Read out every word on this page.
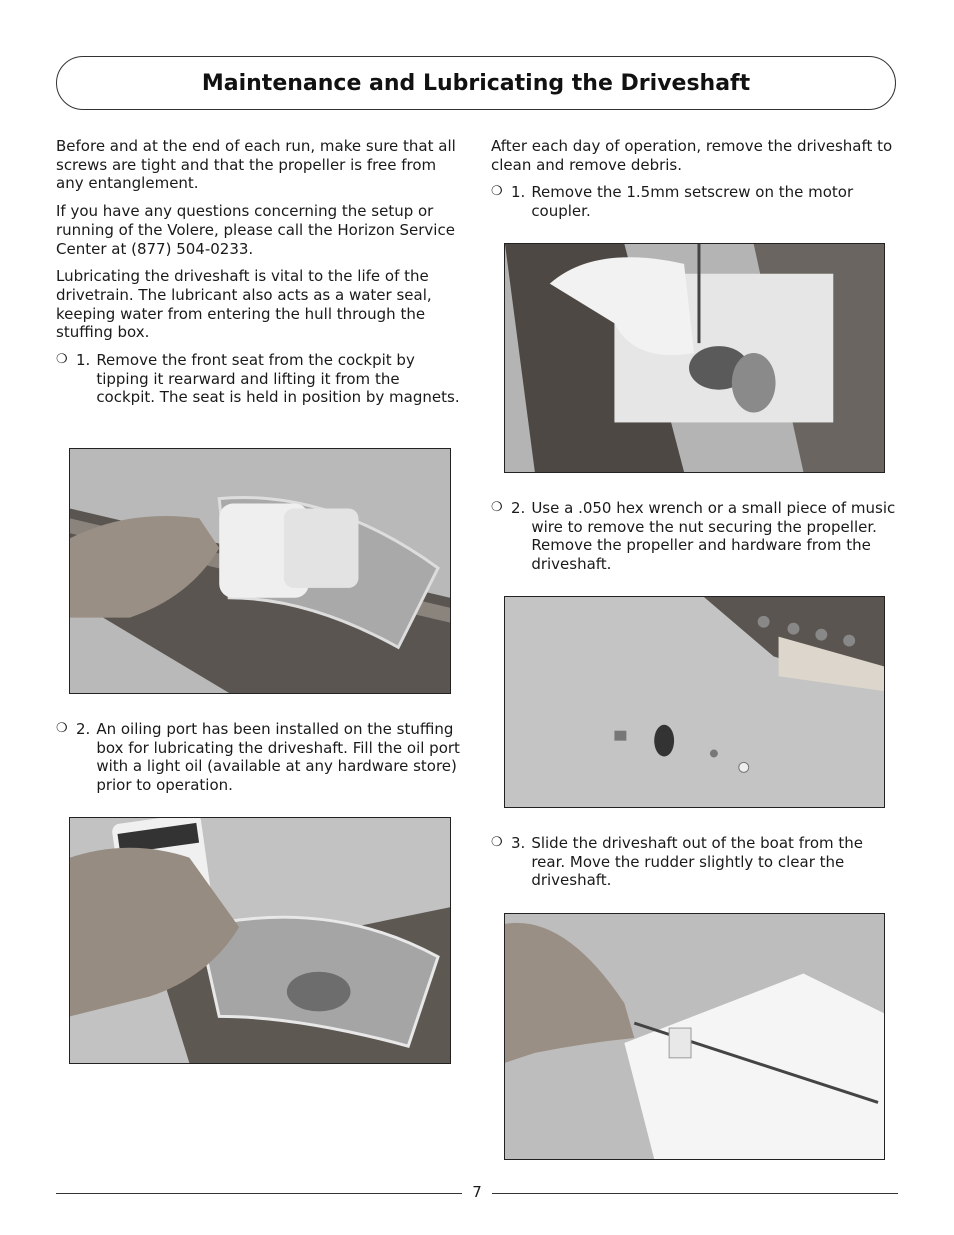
Maintenance and Lubricating the Driveshaft

Before and at the end of each run, make sure that all screws are tight and that the propeller is free from any entanglement.

If you have any questions concerning the setup or running of the Volere, please call the Horizon Service Center at (877) 504-0233.

Lubricating the driveshaft is vital to the life of the drivetrain. The lubricant also acts as a water seal, keeping water from entering the hull through the stuffing box.

❍ 1. Remove the front seat from the cockpit by tipping it rearward and lifting it from the cockpit. The seat is held in position by magnets.
❍ 2. An oiling port has been installed on the stuffing box for lubricating the driveshaft. Fill the oil port with a light oil (available at any hardware store) prior to operation.

After each day of operation, remove the driveshaft to clean and remove debris.

❍ 1. Remove the 1.5mm setscrew on the motor coupler.
❍ 2. Use a .050 hex wrench or a small piece of music wire to remove the nut securing the propeller. Remove the propeller and hardware from the driveshaft.
❍ 3. Slide the driveshaft out of the boat from the rear. Move the rudder slightly to clear the driveshaft.
7
